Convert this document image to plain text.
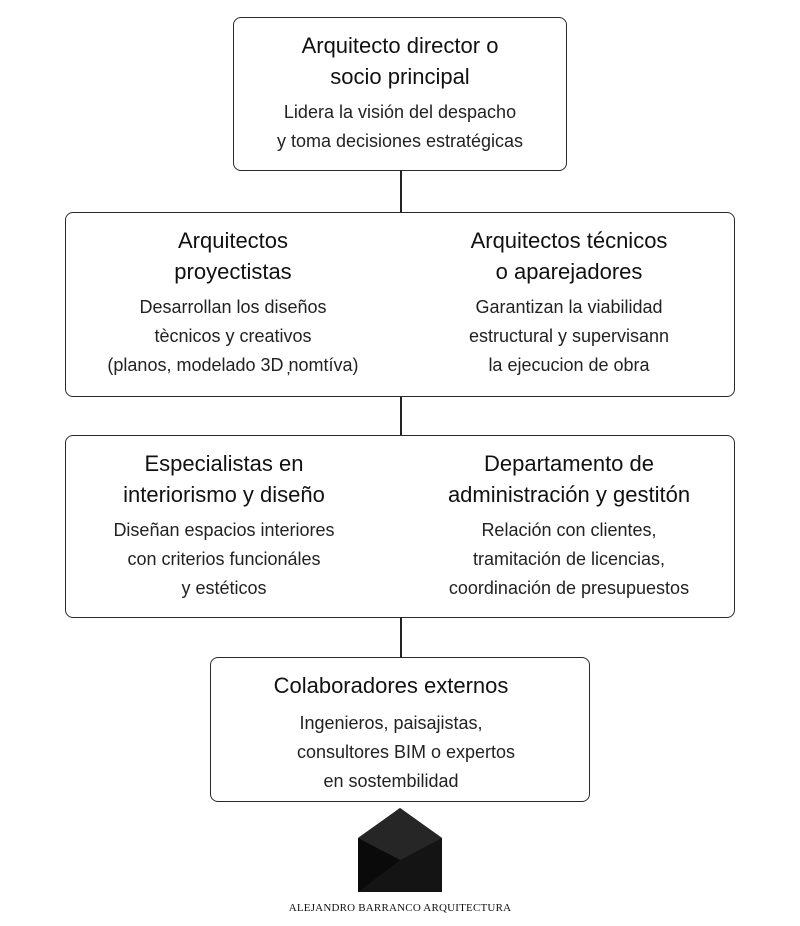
Arquitecto director o
socio principal

Lidera la visión del despacho
y toma decisiones estratégicas

Arquitectos
proyectistas

Desarrollan los diseños
tècnicos y creativos
(planos, modelado 3D ̦nomtíva)

Arquitectos técnicos
o aparejadores

Garantizan la viabilidad
estructural y supervisann
la ejecucion de obra

Especialistas en
interiorismo y diseño

Diseñan espacios interiores
con criterios funcionáles
y estéticos

Departamento de
administración y gestitón

Relación con clientes,
tramitación de licencias,
coordinación de presupuestos

Colaboradores externos

Ingenieros, paisajistas,
consultores BIM o expertos
en sostembilidad

ALEJANDRO BARRANCO ARQUITECTURA
